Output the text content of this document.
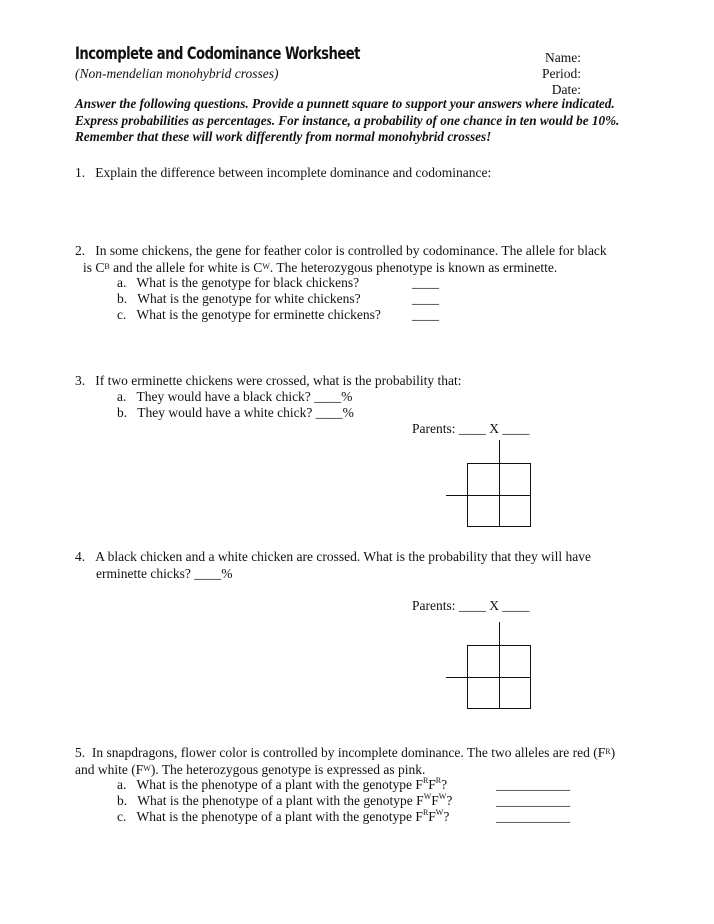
Incomplete and Codominance Worksheet
(Non-mendelian monohybrid crosses)
Name:
Period:
Date:
Answer the following questions. Provide a punnett square to support your answers where indicated. Express probabilities as percentages. For instance, a probability of one chance in ten would be 10%. Remember that these will work differently from normal monohybrid crosses!
1. Explain the difference between incomplete dominance and codominance:
2. In some chickens, the gene for feather color is controlled by codominance. The allele for black
is $C^B$ and the allele for white is $C^W$. The heterozygous phenotype is known as erminette.
a. What is the genotype for black chickens?	____
b. What is the genotype for white chickens?	____
c. What is the genotype for erminette chickens? ____
3. If two erminette chickens were crossed, what is the probability that:
a. They would have a black chick? ____%
b. They would have a white chick? ____%
Parents: ____ X ____
4. A black chicken and a white chicken are crossed. What is the probability that they will have
erminette chicks? ____%
Parents: ____ X ____
5. In snapdragons, flower color is controlled by incomplete dominance. The two alleles are red $(F^R)$
and white $(F^W)$. The heterozygous genotype is expressed as pink.
a. What is the phenotype of a plant with the genotype $F^RF^R$?	___________
b. What is the phenotype of a plant with the genotype $F^WF^W$?	___________
c. What is the phenotype of a plant with the genotype $F^RF^W$?	___________
